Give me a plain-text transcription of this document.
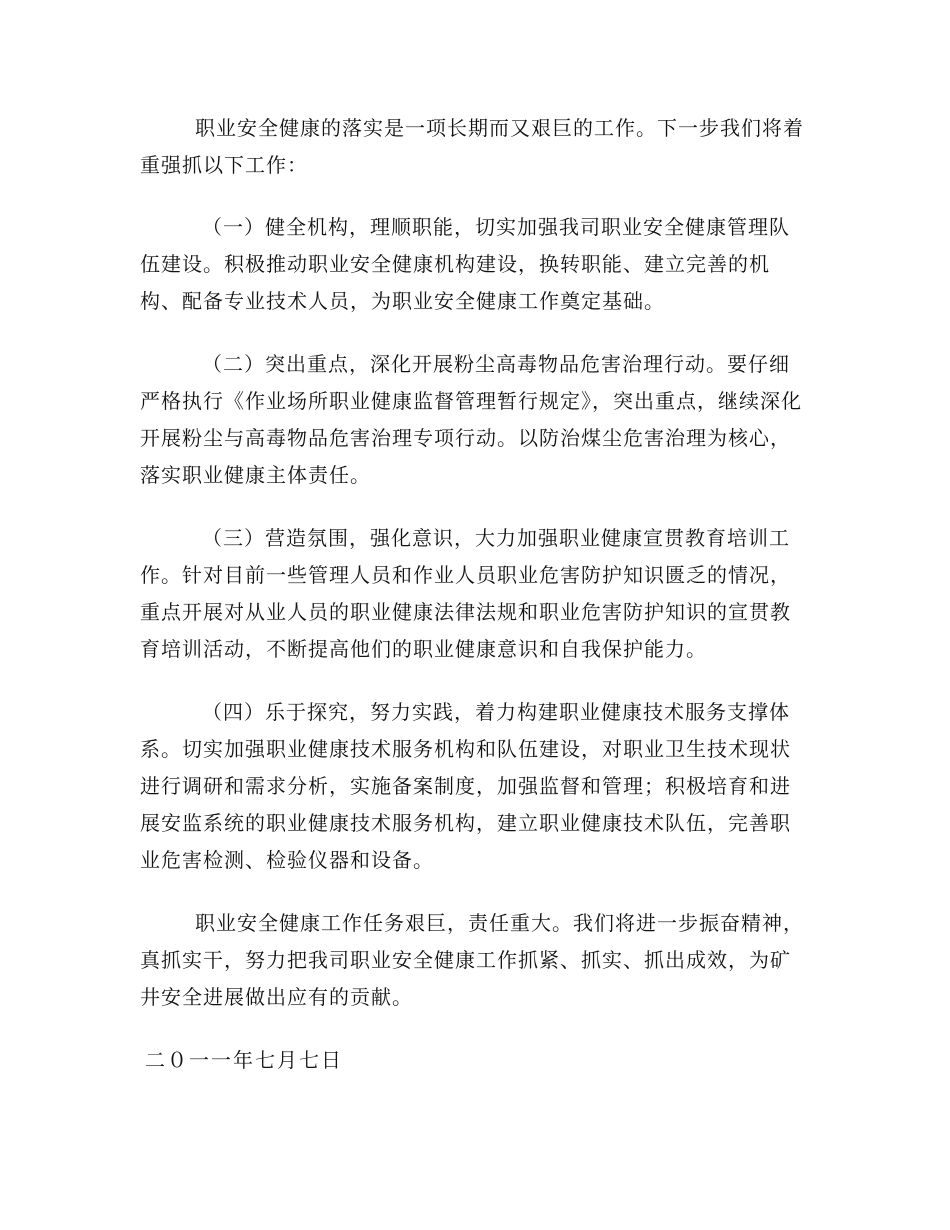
职业安全健康的落实是一项长期而又艰巨的工作。下一步我们将着重强抓以下工作：

（一）健全机构，理顺职能，切实加强我司职业安全健康管理队伍建设。积极推动职业安全健康机构建设，换转职能、建立完善的机构、配备专业技术人员，为职业安全健康工作奠定基础。

（二）突出重点，深化开展粉尘高毒物品危害治理行动。要仔细严格执行《作业场所职业健康监督管理暂行规定》，突出重点，继续深化开展粉尘与高毒物品危害治理专项行动。以防治煤尘危害治理为核心，落实职业健康主体责任。

（三）营造氛围，强化意识，大力加强职业健康宣贯教育培训工作。针对目前一些管理人员和作业人员职业危害防护知识匮乏的情况，重点开展对从业人员的职业健康法律法规和职业危害防护知识的宣贯教育培训活动，不断提高他们的职业健康意识和自我保护能力。

（四）乐于探究，努力实践，着力构建职业健康技术服务支撑体系。切实加强职业健康技术服务机构和队伍建设，对职业卫生技术现状进行调研和需求分析，实施备案制度，加强监督和管理；积极培育和进展安监系统的职业健康技术服务机构，建立职业健康技术队伍，完善职业危害检测、检验仪器和设备。

职业安全健康工作任务艰巨，责任重大。我们将进一步振奋精神，真抓实干，努力把我司职业安全健康工作抓紧、抓实、抓出成效，为矿井安全进展做出应有的贡献。

二０一一年七月七日
